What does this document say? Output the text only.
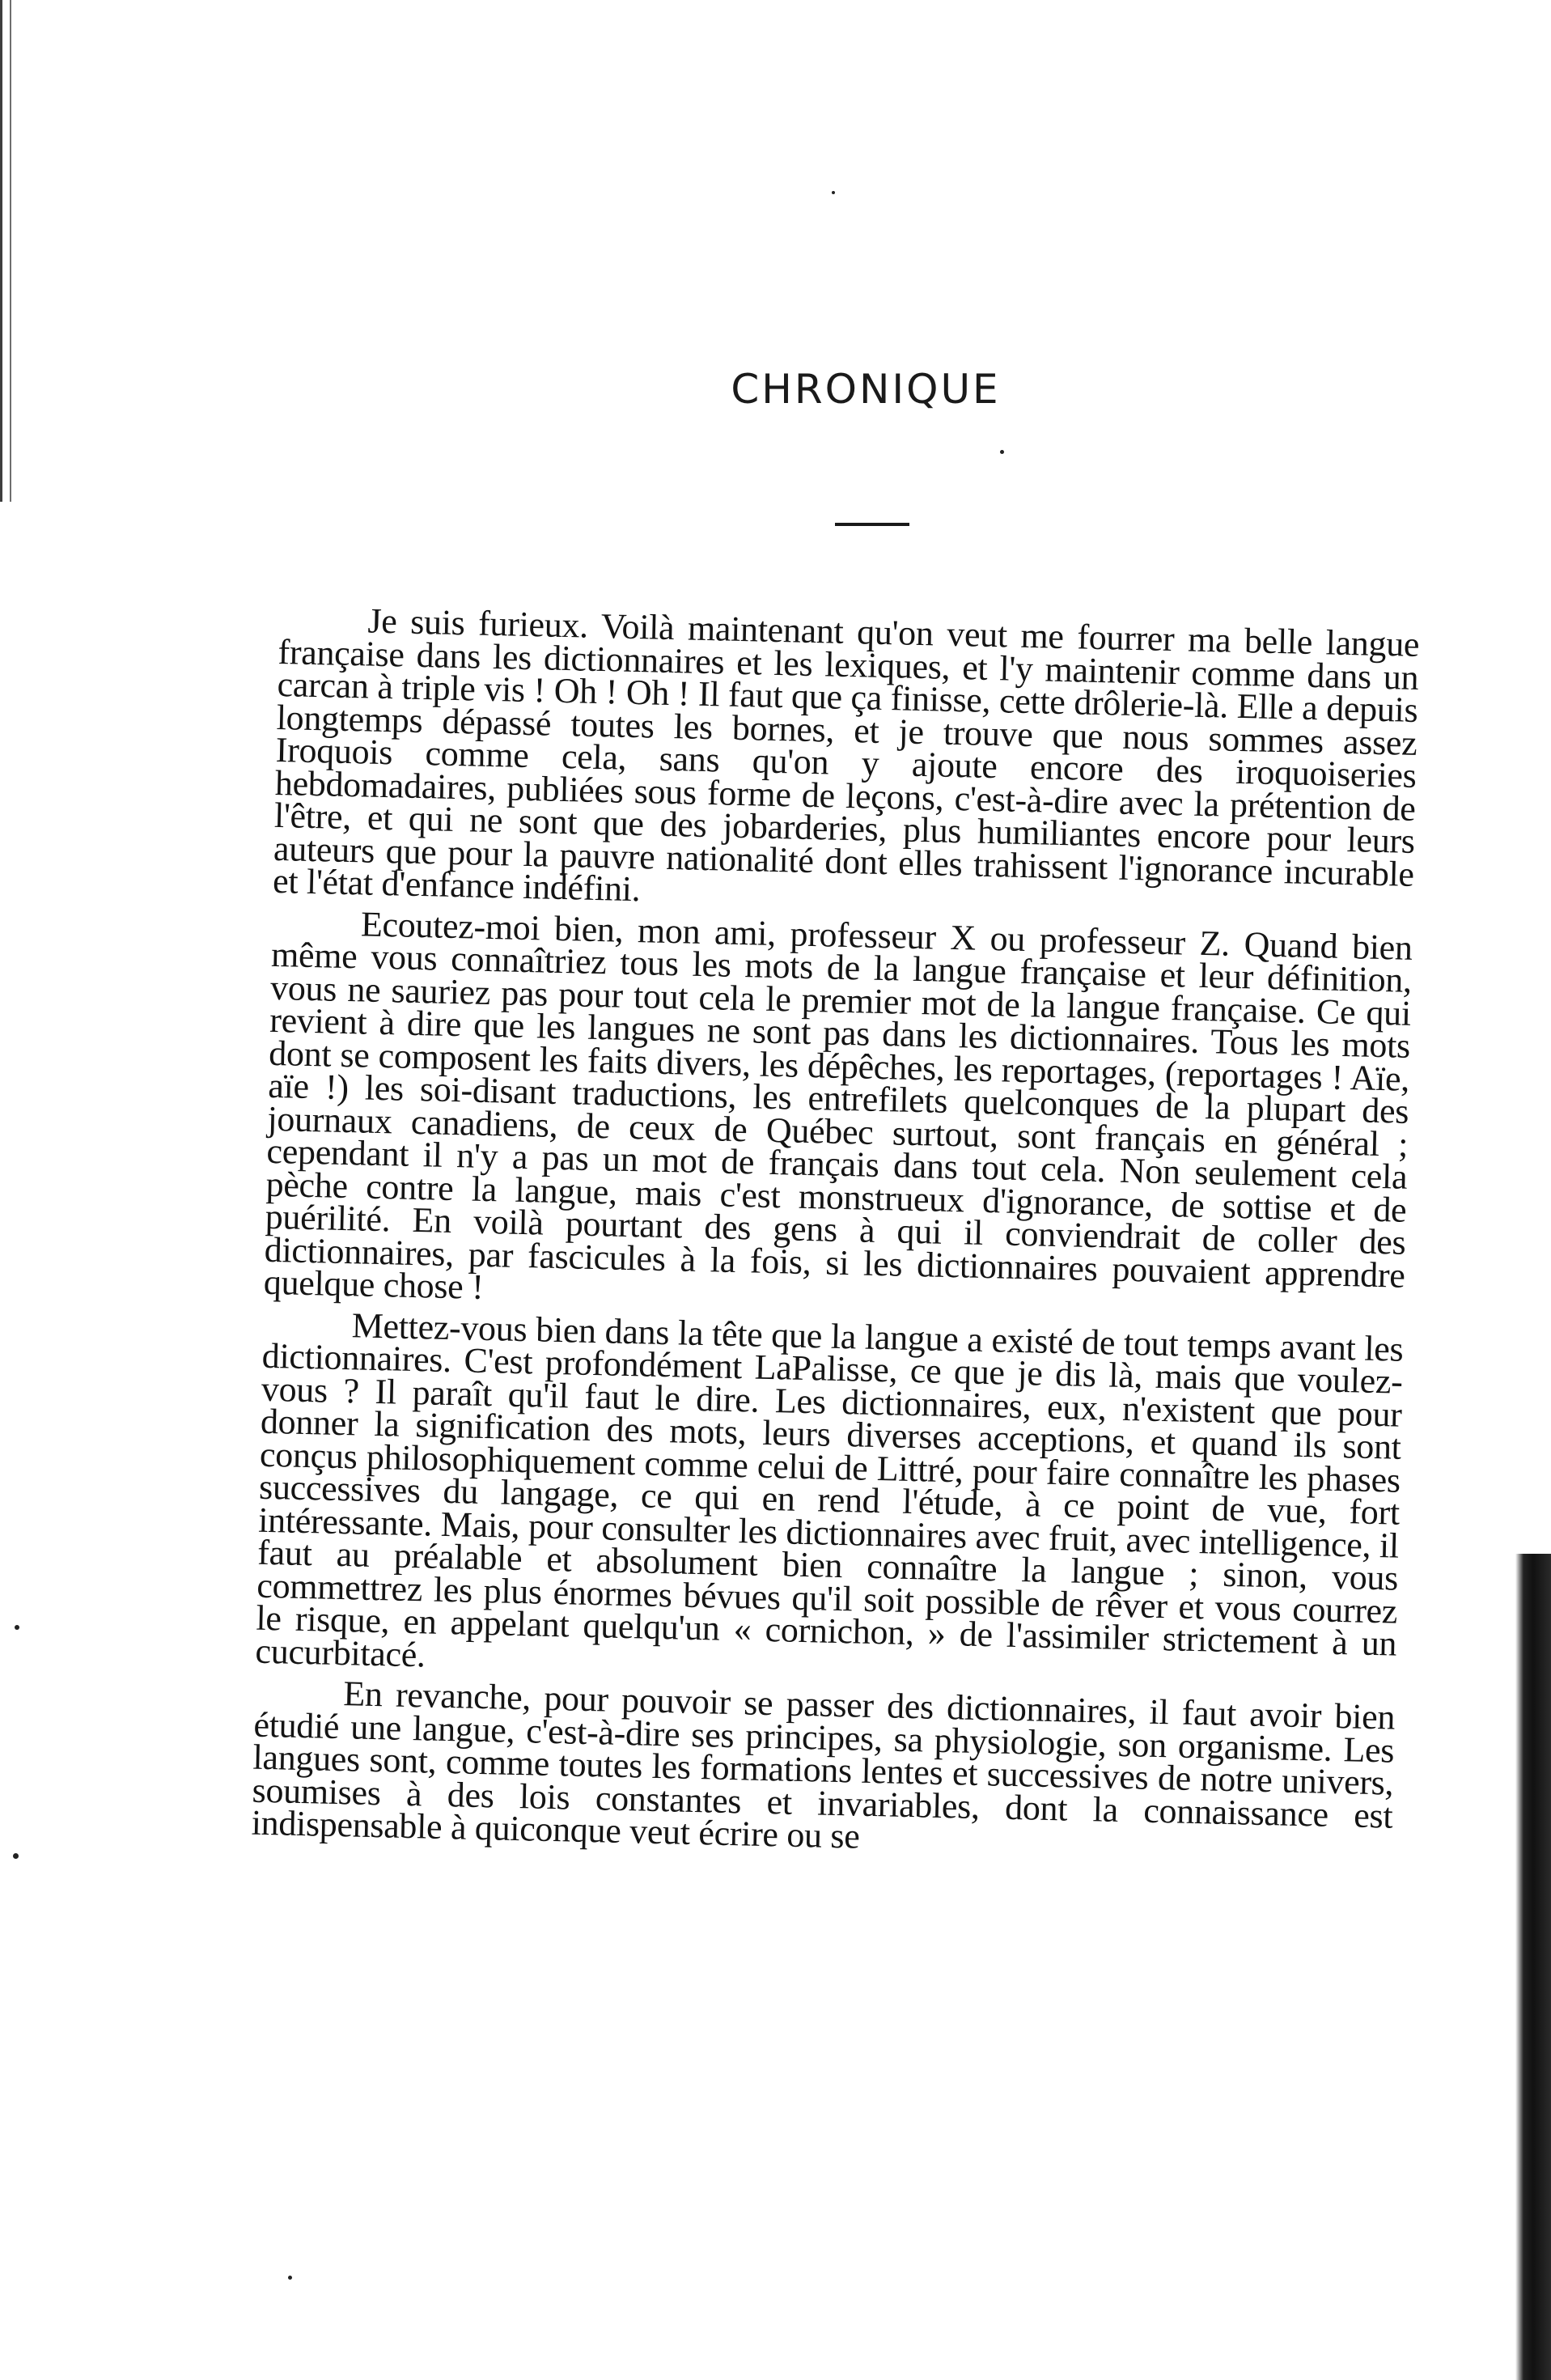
CHRONIQUE

Je suis furieux. Voilà maintenant qu'on veut me fourrer ma belle langue française dans les dictionnaires et les lexiques, et l'y maintenir comme dans un carcan à triple vis ! Oh ! Oh ! Il faut que ça finisse, cette drôlerie-là. Elle a depuis longtemps dépassé toutes les bornes, et je trouve que nous sommes assez Iroquois comme cela, sans qu'on y ajoute encore des iroquoiseries hebdomadaires, publiées sous forme de leçons, c'est-à-dire avec la prétention de l'être, et qui ne sont que des jobarderies, plus humiliantes encore pour leurs auteurs que pour la pauvre nationalité dont elles trahissent l'ignorance incurable et l'état d'enfance indéfini.

Ecoutez-moi bien, mon ami, professeur X ou professeur Z. Quand bien même vous connaîtriez tous les mots de la langue française et leur définition, vous ne sauriez pas pour tout cela le premier mot de la langue française. Ce qui revient à dire que les langues ne sont pas dans les dictionnaires. Tous les mots dont se composent les faits divers, les dépêches, les reportages, (reportages ! Aïe, aïe !) les soi-disant traductions, les entrefilets quelconques de la plupart des journaux canadiens, de ceux de Québec surtout, sont français en général ; cependant il n'y a pas un mot de français dans tout cela. Non seulement cela pèche contre la langue, mais c'est monstrueux d'ignorance, de sottise et de puérilité. En voilà pourtant des gens à qui il conviendrait de coller des dictionnaires, par fascicules à la fois, si les dictionnaires pouvaient apprendre quelque chose !

Mettez-vous bien dans la tête que la langue a existé de tout temps avant les dictionnaires. C'est profondément LaPalisse, ce que je dis là, mais que voulez-vous ? Il paraît qu'il faut le dire. Les dictionnaires, eux, n'existent que pour donner la signification des mots, leurs diverses acceptions, et quand ils sont conçus philosophiquement comme celui de Littré, pour faire connaître les phases successives du langage, ce qui en rend l'étude, à ce point de vue, fort intéressante. Mais, pour consulter les dictionnaires avec fruit, avec intelligence, il faut au préalable et absolument bien connaître la langue ; sinon, vous commettrez les plus énormes bévues qu'il soit possible de rêver et vous courrez le risque, en appelant quelqu'un « cornichon, » de l'assimiler strictement à un cucurbitacé.

En revanche, pour pouvoir se passer des dictionnaires, il faut avoir bien étudié une langue, c'est-à-dire ses principes, sa physiologie, son organisme. Les langues sont, comme toutes les formations lentes et successives de notre univers, soumises à des lois constantes et invariables, dont la connaissance est indispensable à quiconque veut écrire ou se
